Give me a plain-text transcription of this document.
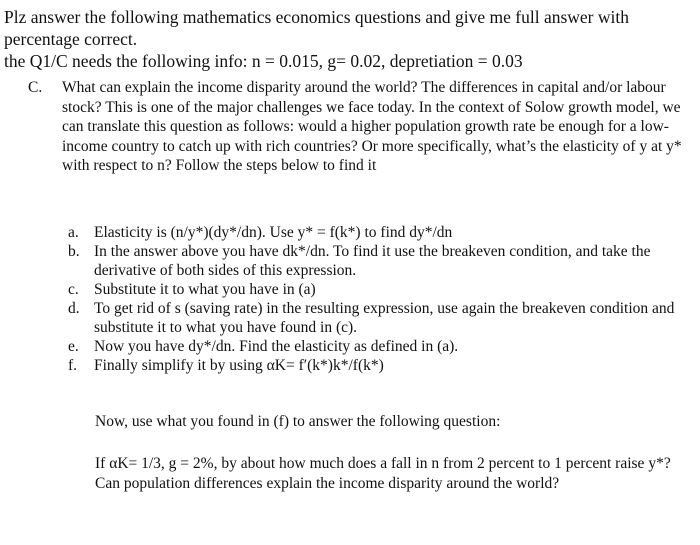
Plz answer the following mathematics economics questions and give me full answer with

percentage correct.

the Q1/C needs the following info: n = 0.015, g= 0.02, depretiation = 0.03

C. What can explain the income disparity around the world? The differences in capital and/or labour stock? This is one of the major challenges we face today. In the context of Solow growth model, we can translate this question as follows: would a higher population growth rate be enough for a low-income country to catch up with rich countries? Or more specifically, what’s the elasticity of y at y* with respect to n? Follow the steps below to find it
a. Elasticity is (n/y*)(dy*/dn). Use y* = f(k*) to find dy*/dn
b. In the answer above you have dk*/dn. To find it use the breakeven condition, and take the derivative of both sides of this expression.
c. Substitute it to what you have in (a)
d. To get rid of s (saving rate) in the resulting expression, use again the breakeven condition and substitute it to what you have found in (c).
e. Now you have dy*/dn. Find the elasticity as defined in (a).
f. Finally simplify it by using αK= f′(k*)k*/f(k*)

Now, use what you found in (f) to answer the following question:

If αK= 1/3, g = 2%, by about how much does a fall in n from 2 percent to 1 percent raise y*? Can population differences explain the income disparity around the world?
